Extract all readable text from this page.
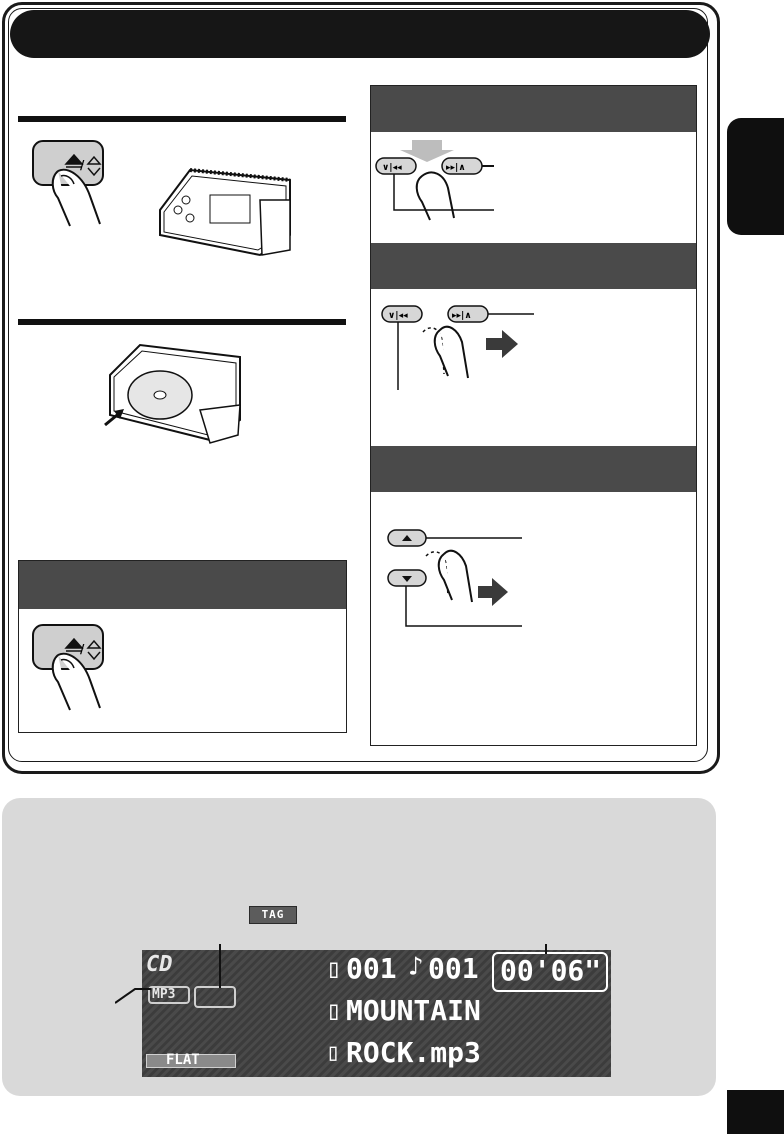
/
/
∨|◂◂	▸▸|∧
∨|◂◂	▸▸|∧
TAG
CD
MP3
▯ 001 ♪ 001 00'06"
▯ MOUNTAIN
FLAT	▯ ROCK.mp3
